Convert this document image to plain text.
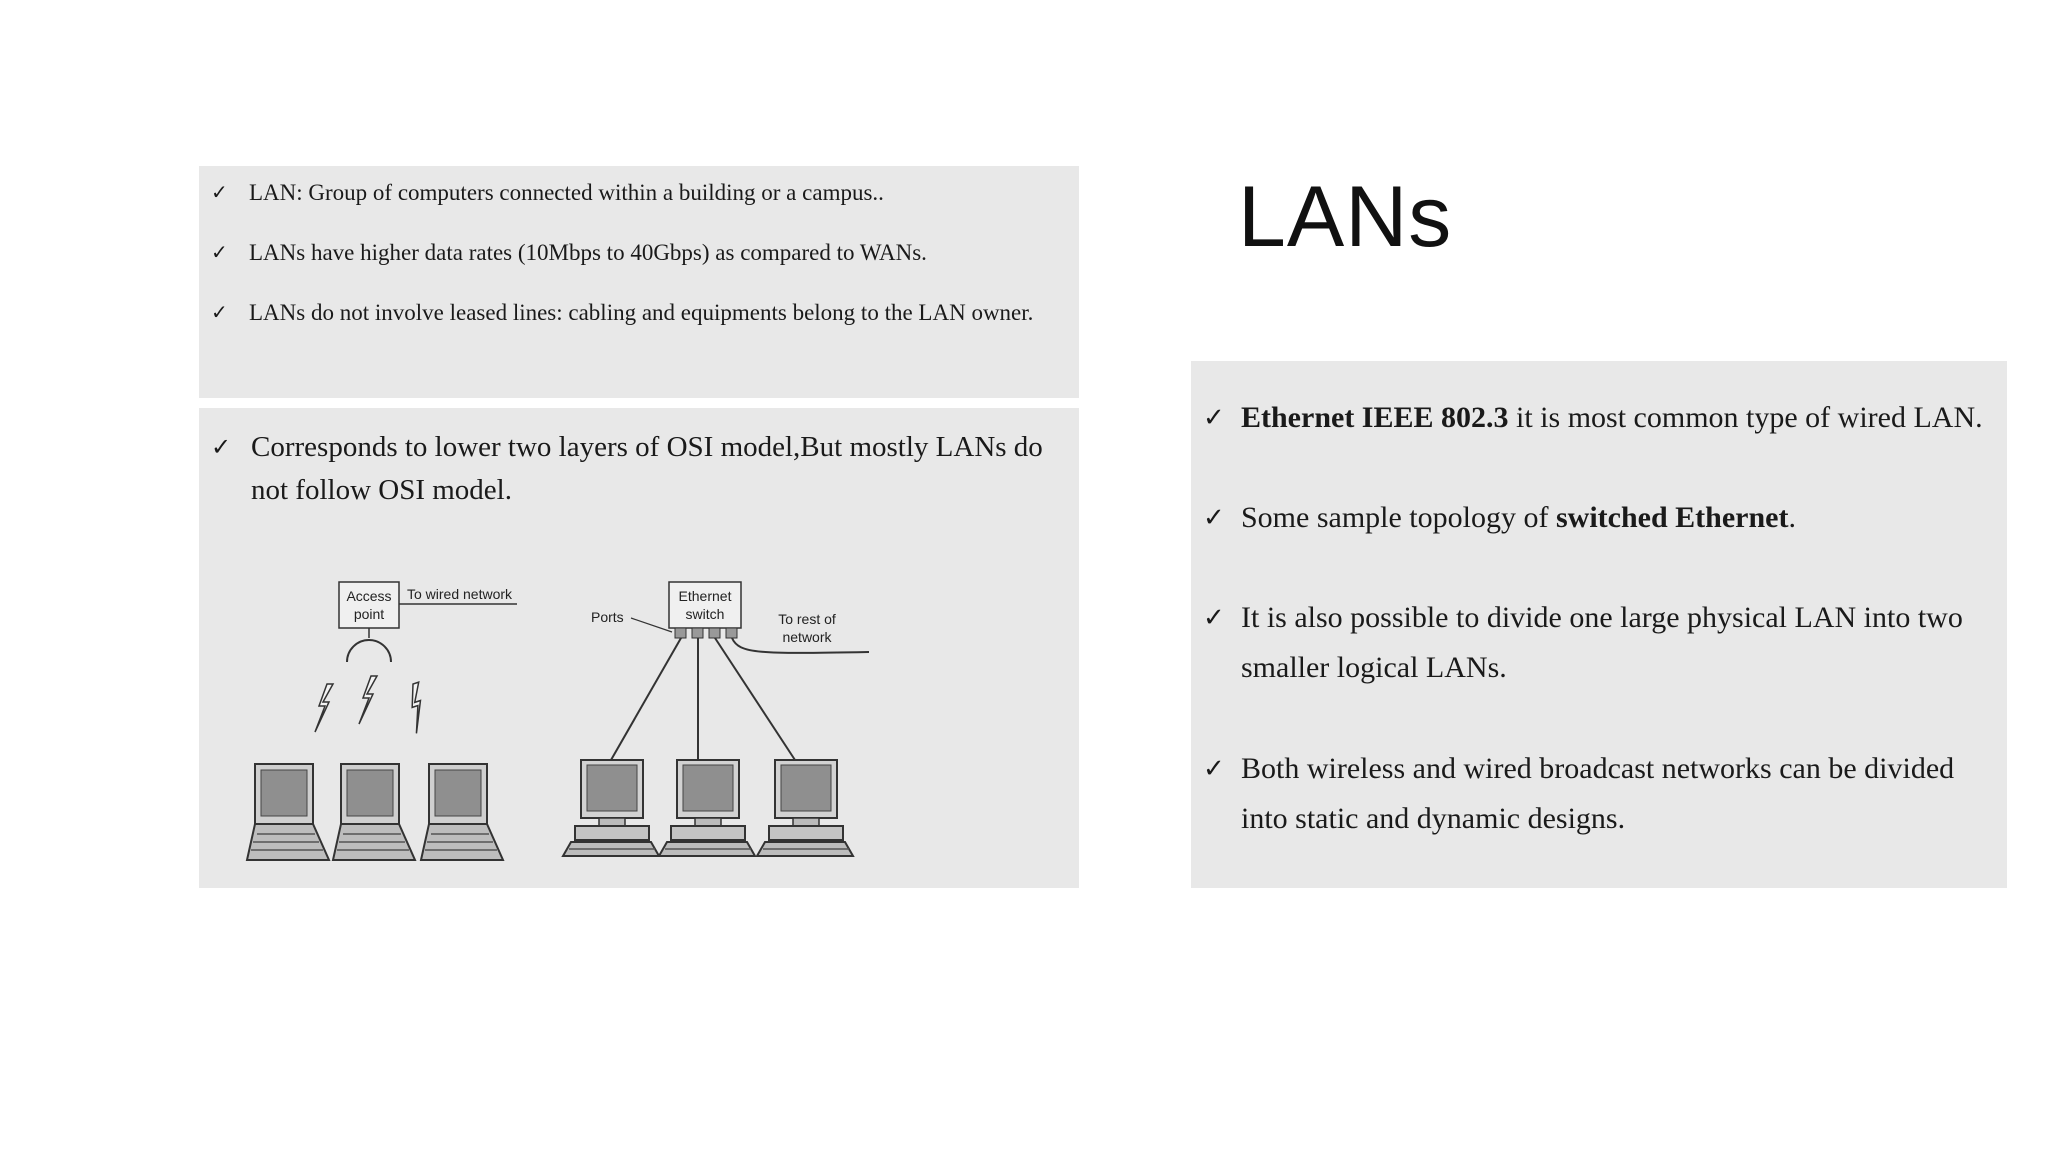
LANs
✓ LAN: Group of computers connected within a building or a campus..
✓ LANs have higher data rates (10Mbps to 40Gbps) as compared to WANs.
✓ LANs do not involve leased lines: cabling and equipments belong to the LAN owner.
✓ Corresponds to lower two layers of OSI model,But mostly LANs do not follow OSI model.
Access
point
To wired network	Ethernet
switch
Ports	To rest of
network
✓ Ethernet IEEE 802.3 it is most common type of wired LAN.
✓ Some sample topology of switched Ethernet.
✓ It is also possible to divide one large physical LAN into two smaller logical LANs.
✓ Both wireless and wired broadcast networks can be divided into static and dynamic designs.
